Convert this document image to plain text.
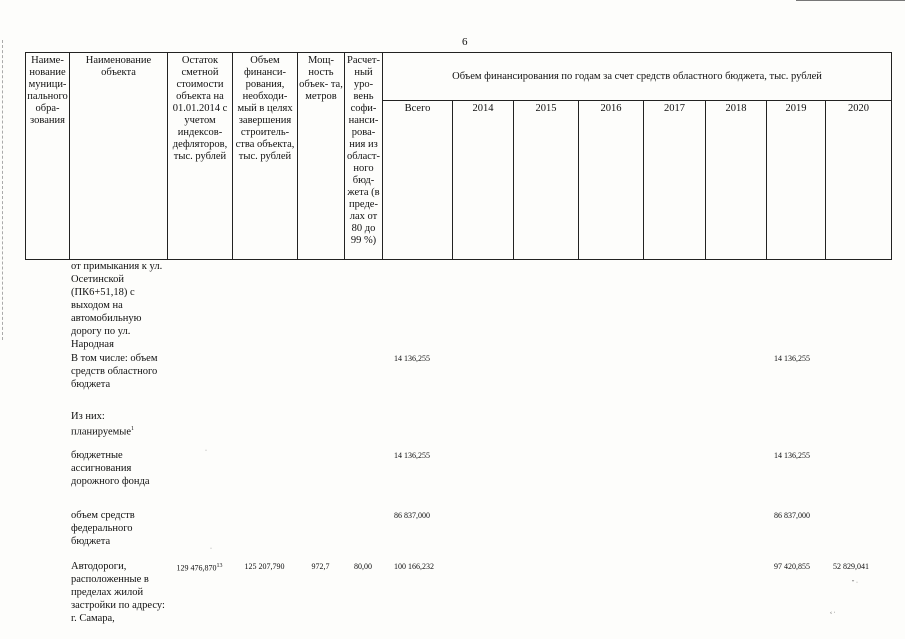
6
Наиме- нование муници- пального обра- зования	Наименование объекта	Остаток сметной стоимости объекта на 01.01.2014 с учетом индексов- дефляторов, тыс. рублей	Объем финанси- рования, необходи- мый в целях завершения строитель- ства объекта, тыс. рублей	Мощ- ность объек- та, метров	Расчет- ный уро- вень софи- нанси- рова- ния из област- ного бюд- жета (в преде- лах от 80 до 99 %)	Объем финансирования по годам за счет средств областного бюджета, тыс. рублей							
						Всего	2014	2015	2016	2017	2018	2019	2020
	от примыкания к ул. Осетинской (ПК6+51,18) с выходом на автомобильную дорогу по ул. Народная												
	В том числе: объем средств областного бюджета					14 136,255						14 136,255	
	Из них: планируемые$^1$	
	бюджетные ассигнования дорожного фонда					14 136,255						14 136,255	
	объем средств федерального бюджета					86 837,000						86 837,000	
	Автодороги, расположенные в пределах жилой застройки по адресу: г. Самара,	129 476,870$^{13}$	125 207,790	972,7	80,00	100 166,232						97 420,855	52 829,041
·
·
" ·
‹ ·
